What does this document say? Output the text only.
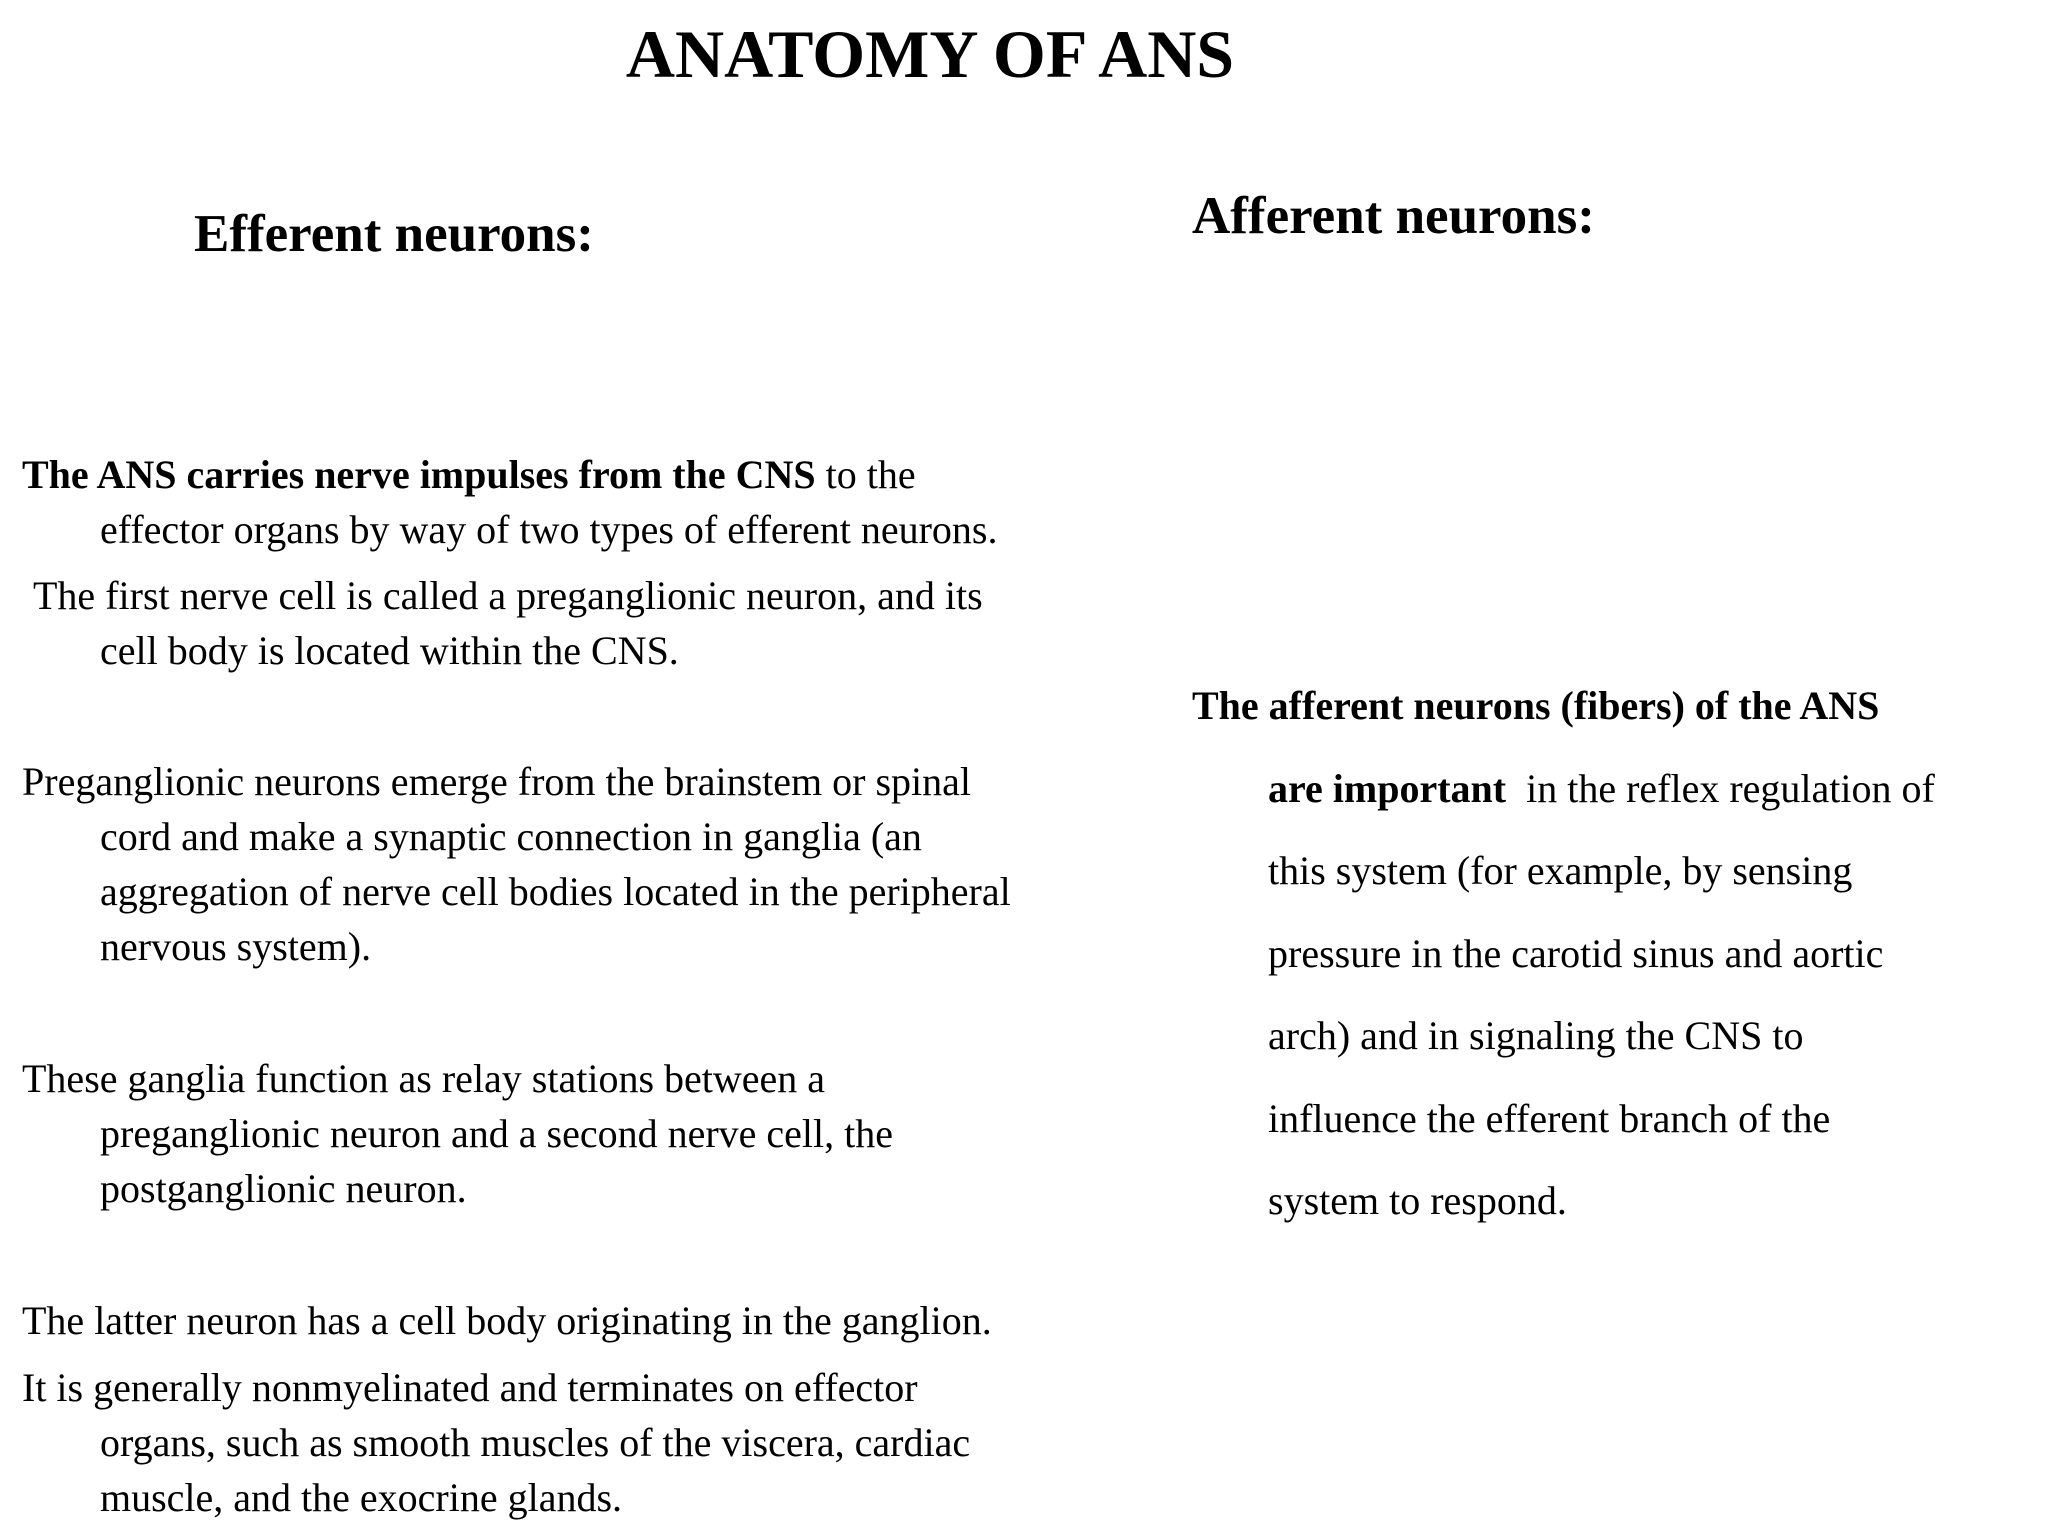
ANATOMY OF ANS
Efferent neurons:	Afferent neurons:
The ANS carries nerve impulses from the CNS to the
effector organs by way of two types of efferent neurons.
The first nerve cell is called a preganglionic neuron, and its
cell body is located within the CNS.
Preganglionic neurons emerge from the brainstem or spinal
cord and make a synaptic connection in ganglia (an
aggregation of nerve cell bodies located in the peripheral
nervous system).
These ganglia function as relay stations between a
preganglionic neuron and a second nerve cell, the
postganglionic neuron.
The latter neuron has a cell body originating in the ganglion.
It is generally nonmyelinated and terminates on effector
organs, such as smooth muscles of the viscera, cardiac
muscle, and the exocrine glands.
The afferent neurons (fibers) of the ANS
are important  in the reflex regulation of
this system (for example, by sensing
pressure in the carotid sinus and aortic
arch) and in signaling the CNS to
influence the efferent branch of the
system to respond.
